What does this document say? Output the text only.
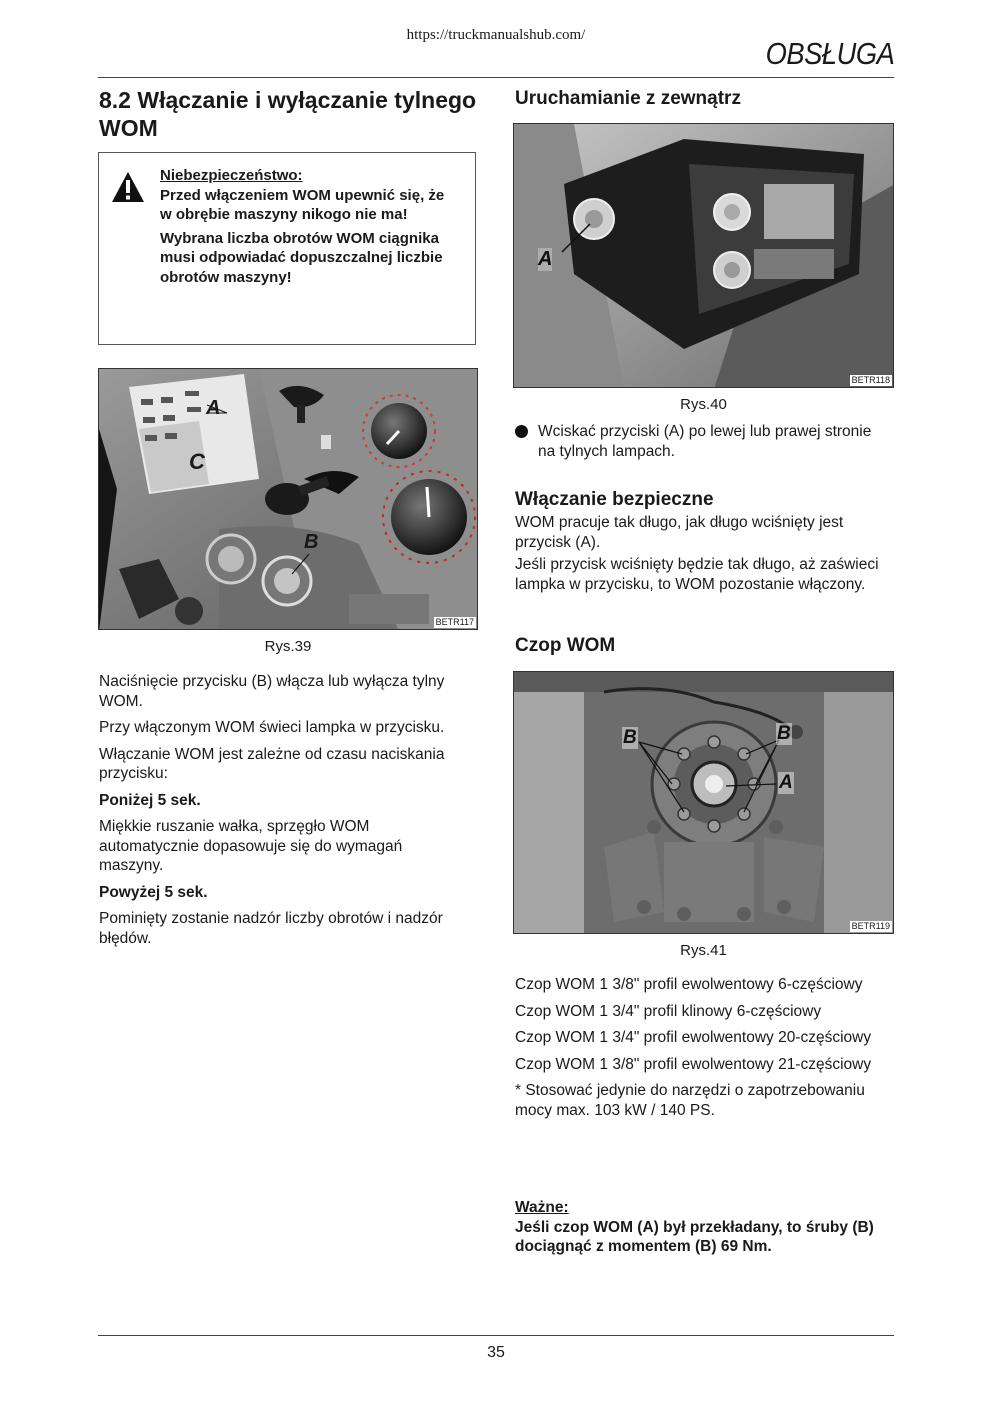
https://truckmanualshub.com/
OBSŁUGA
8.2 Włączanie i wyłączanie tylnego WOM

Niebezpieczeństwo:

Przed włączeniem WOM upewnić się, że w obrębie maszyny nikogo nie ma!

Wybrana liczba obrotów WOM ciągnika musi odpowiadać dopuszczalnej liczbie obrotów maszyny!

A
B
C
BETR117
Rys.39

Naciśnięcie przycisku (B) włącza lub wyłącza tylny WOM.

Przy włączonym WOM świeci lampka w przycisku.

Włączanie WOM jest zależne od czasu naciskania przycisku:

Poniżej 5 sek.

Miękkie ruszanie wałka, sprzęgło WOM automatycznie dopasowuje się do wymagań maszyny.

Powyżej 5 sek.

Pominięty zostanie nadzór liczby obrotów i nadzór błędów.

Uruchamianie z zewnątrz
A
BETR118
Rys.40
Wciskać przyciski (A) po lewej lub prawej stronie na tylnych lampach.
Włączanie bezpieczne

WOM pracuje tak długo, jak długo wciśnięty jest przycisk (A).

Jeśli przycisk wciśnięty będzie tak długo, aż zaświeci lampka w przycisku, to WOM pozostanie włączony.

Czop WOM
B	B
A
BETR119
Rys.41

Czop WOM 1 3/8" profil ewolwentowy 6-częściowy

Czop WOM 1 3/4" profil klinowy 6-częściowy

Czop WOM 1 3/4" profil ewolwentowy 20-częściowy

Czop WOM 1 3/8" profil ewolwentowy 21-częściowy

* Stosować jedynie do narzędzi o zapotrzebowaniu mocy max. 103 kW / 140 PS.

Ważne:
Jeśli czop WOM (A) był przekładany, to śruby (B) dociągnąć z momentem (B) 69 Nm.
35
